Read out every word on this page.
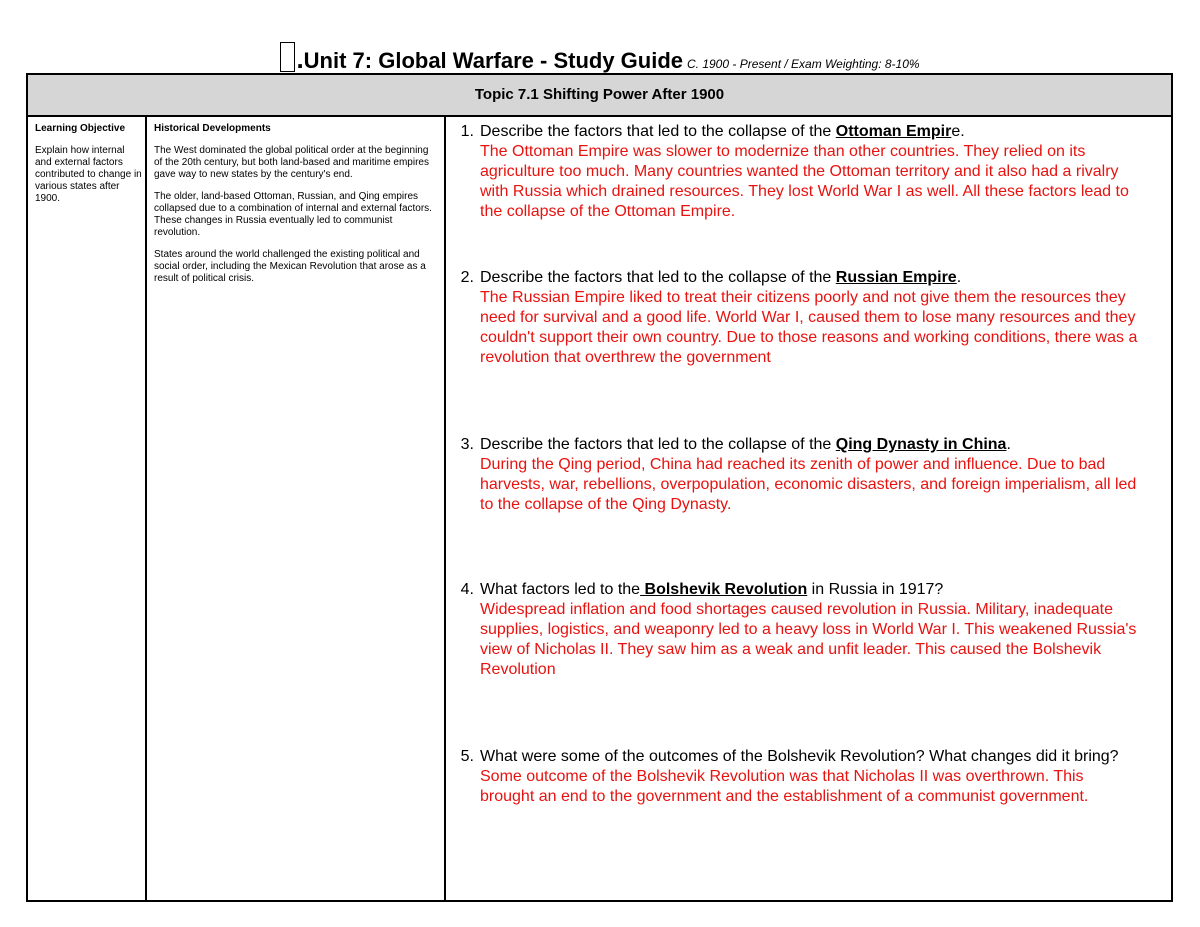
.Unit 7: Global Warfare - Study Guide C. 1900 - Present / Exam Weighting: 8-10%
Topic 7.1 Shifting Power After 1900
Learning Objective
Explain how internal and external factors contributed to change in various states after 1900.
Historical Developments

The West dominated the global political order at the beginning of the 20th century, but both land-based and maritime empires gave way to new states by the century's end.

The older, land-based Ottoman, Russian, and Qing empires collapsed due to a combination of internal and external factors. These changes in Russia eventually led to communist revolution.

States around the world challenged the existing political and social order, including the Mexican Revolution that arose as a result of political crisis.

1. Describe the factors that led to the collapse of the Ottoman Empire.
The Ottoman Empire was slower to modernize than other countries. They relied on its agriculture too much. Many countries wanted the Ottoman territory and it also had a rivalry with Russia which drained resources. They lost World War I as well. All these factors lead to the collapse of the Ottoman Empire.
2. Describe the factors that led to the collapse of the Russian Empire.
The Russian Empire liked to treat their citizens poorly and not give them the resources they need for survival and a good life. World War I, caused them to lose many resources and they couldn't support their own country. Due to those reasons and working conditions, there was a revolution that overthrew the government
3. Describe the factors that led to the collapse of the Qing Dynasty in China.
During the Qing period, China had reached its zenith of power and influence. Due to bad harvests, war, rebellions, overpopulation, economic disasters, and foreign imperialism, all led to the collapse of the Qing Dynasty.
4. What factors led to the Bolshevik Revolution in Russia in 1917?
Widespread inflation and food shortages caused revolution in Russia. Military, inadequate supplies, logistics, and weaponry led to a heavy loss in World War I. This weakened Russia's view of Nicholas II. They saw him as a weak and unfit leader. This caused the Bolshevik Revolution
5. What were some of the outcomes of the Bolshevik Revolution? What changes did it bring?
Some outcome of the Bolshevik Revolution was that Nicholas II was overthrown. This brought an end to the government and the establishment of a communist government.
